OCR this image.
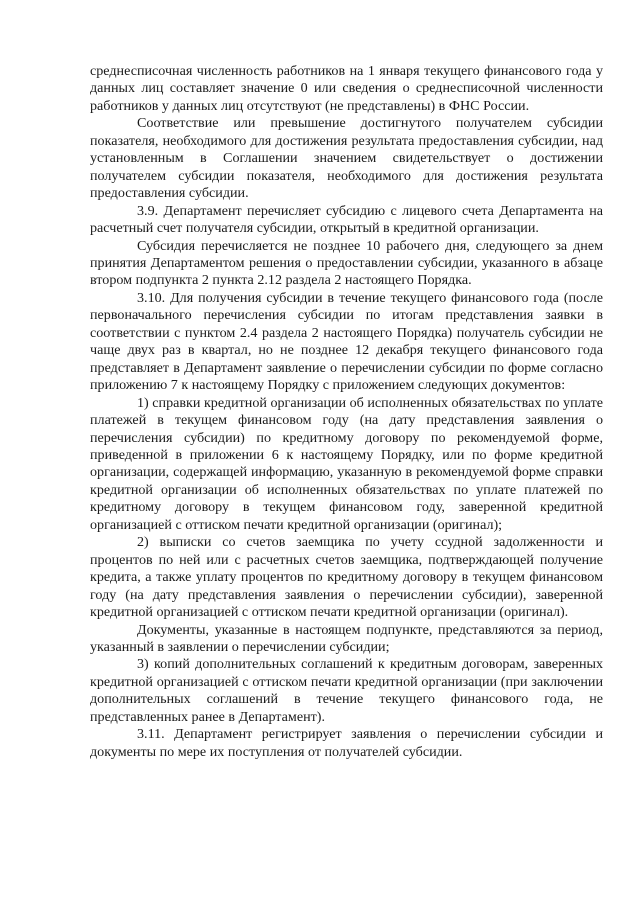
среднесписочная численность работников на 1 января текущего финансового года у данных лиц составляет значение 0 или сведения о среднесписочной численности работников у данных лиц отсутствуют (не представлены) в ФНС России.

Соответствие или превышение достигнутого получателем субсидии показателя, необходимого для достижения результата предоставления субсидии, над установленным в Соглашении значением свидетельствует о достижении получателем субсидии показателя, необходимого для достижения результата предоставления субсидии.

3.9. Департамент перечисляет субсидию с лицевого счета Департамента на расчетный счет получателя субсидии, открытый в кредитной организации.

Субсидия перечисляется не позднее 10 рабочего дня, следующего за днем принятия Департаментом решения о предоставлении субсидии, указанного в абзаце втором подпункта 2 пункта 2.12 раздела 2 настоящего Порядка.

3.10. Для получения субсидии в течение текущего финансового года (после первоначального перечисления субсидии по итогам представления заявки в соответствии с пунктом 2.4 раздела 2 настоящего Порядка) получатель субсидии не чаще двух раз в квартал, но не позднее 12 декабря текущего финансового года представляет в Департамент заявление о перечислении субсидии по форме согласно приложению 7 к настоящему Порядку с приложением следующих документов:

1) справки кредитной организации об исполненных обязательствах по уплате платежей в текущем финансовом году (на дату представления заявления о перечисления субсидии) по кредитному договору по рекомендуемой форме, приведенной в приложении 6 к настоящему Порядку, или по форме кредитной организации, содержащей информацию, указанную в рекомендуемой форме справки кредитной организации об исполненных обязательствах по уплате платежей по кредитному договору в текущем финансовом году, заверенной кредитной организацией с оттиском печати кредитной организации (оригинал);

2) выписки со счетов заемщика по учету ссудной задолженности и процентов по ней или с расчетных счетов заемщика, подтверждающей получение кредита, а также уплату процентов по кредитному договору в текущем финансовом году (на дату представления заявления о перечислении субсидии), заверенной кредитной организацией с оттиском печати кредитной организации (оригинал).

Документы, указанные в настоящем подпункте, представляются за период, указанный в заявлении о перечислении субсидии;

3) копий дополнительных соглашений к кредитным договорам, заверенных кредитной организацией с оттиском печати кредитной организации (при заключении дополнительных соглашений в течение текущего финансового года, не представленных ранее в Департамент).

3.11. Департамент регистрирует заявления о перечислении субсидии и документы по мере их поступления от получателей субсидии.
